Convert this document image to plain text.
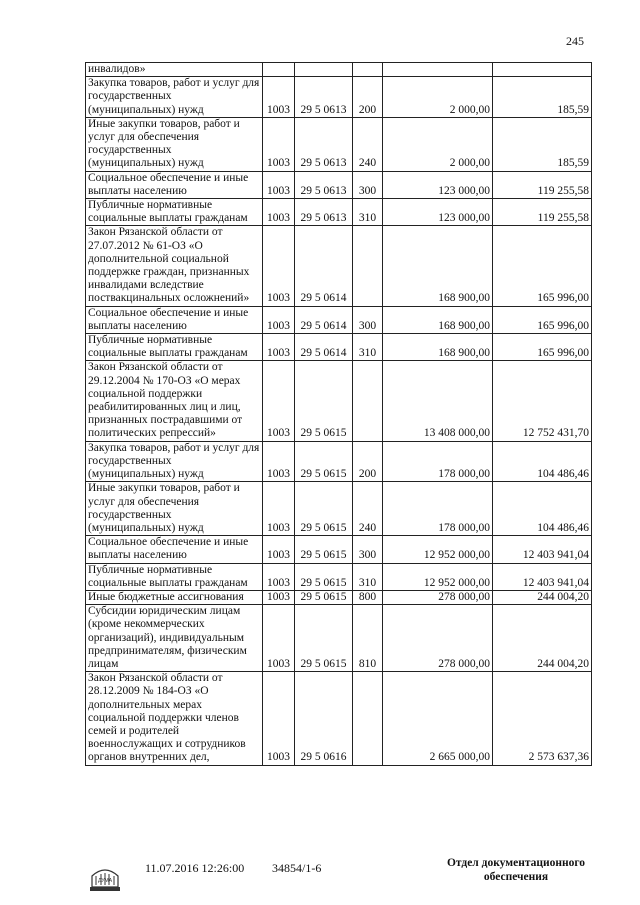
245
инвалидов»					
Закупка товаров, работ и услуг для государственных (муниципальных) нужд	1003	29 5 0613	200	2 000,00	185,59
Иные закупки товаров, работ и услуг для обеспечения государственных (муниципальных) нужд	1003	29 5 0613	240	2 000,00	185,59
Социальное обеспечение и иные выплаты населению	1003	29 5 0613	300	123 000,00	119 255,58
Публичные нормативные социальные выплаты гражданам	1003	29 5 0613	310	123 000,00	119 255,58
Закон Рязанской области от 27.07.2012 № 61-ОЗ «О дополнительной социальной поддержке граждан, признанных инвалидами вследствие поствакцинальных осложнений»	1003	29 5 0614		168 900,00	165 996,00
Социальное обеспечение и иные выплаты населению	1003	29 5 0614	300	168 900,00	165 996,00
Публичные нормативные социальные выплаты гражданам	1003	29 5 0614	310	168 900,00	165 996,00
Закон Рязанской области от 29.12.2004 № 170-ОЗ «О мерах социальной поддержки реабилитированных лиц и лиц, признанных пострадавшими от политических репрессий»	1003	29 5 0615		13 408 000,00	12 752 431,70
Закупка товаров, работ и услуг для государственных (муниципальных) нужд	1003	29 5 0615	200	178 000,00	104 486,46
Иные закупки товаров, работ и услуг для обеспечения государственных (муниципальных) нужд	1003	29 5 0615	240	178 000,00	104 486,46
Социальное обеспечение и иные выплаты населению	1003	29 5 0615	300	12 952 000,00	12 403 941,04
Публичные нормативные социальные выплаты гражданам	1003	29 5 0615	310	12 952 000,00	12 403 941,04
Иные бюджетные ассигнования	1003	29 5 0615	800	278 000,00	244 004,20
Субсидии юридическим лицам (кроме некоммерческих организаций), индивидуальным предпринимателям, физическим лицам	1003	29 5 0615	810	278 000,00	244 004,20
Закон Рязанской области от 28.12.2009 № 184-ОЗ «О дополнительных мерах социальной поддержки членов семей и родителей военнослужащих и сотрудников органов внутренних дел,	1003	29 5 0616		2 665 000,00	2 573 637,36
ДУМА
11.07.2016 12:26:00 34854/1-6	Отдел документационного
обеспечения
